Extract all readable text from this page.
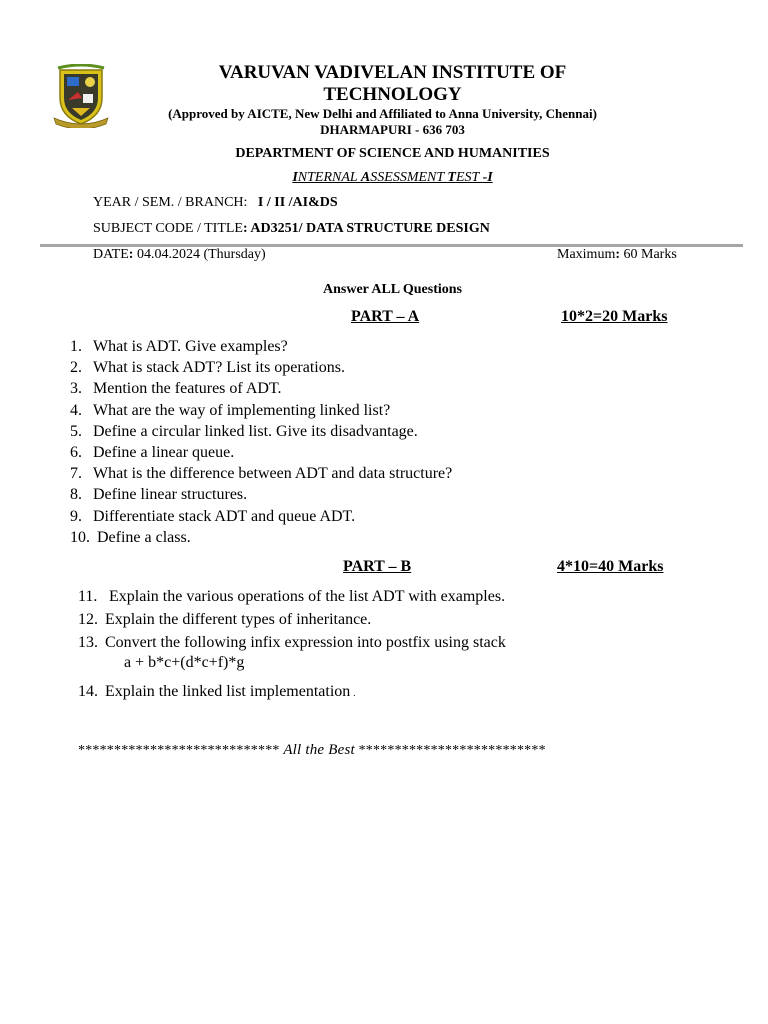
VARUVAN VADIVELAN INSTITUTE OF TECHNOLOGY
(Approved by AICTE, New Delhi and Affiliated to Anna University, Chennai)
DHARMAPURI - 636 703
DEPARTMENT OF SCIENCE AND HUMANITIES
INTERNAL ASSESSMENT TEST -I
YEAR / SEM. / BRANCH: I / II /AI&DS
SUBJECT CODE / TITLE: AD3251/ DATA STRUCTURE DESIGN
DATE: 04.04.2024 (Thursday)	Maximum: 60 Marks
Answer ALL Questions
PART – A	10*2=20 Marks
1. What is ADT. Give examples?
2. What is stack ADT? List its operations.
3. Mention the features of ADT.
4. What are the way of implementing linked list?
5. Define a circular linked list. Give its disadvantage.
6. Define a linear queue.
7. What is the difference between ADT and data structure?
8. Define linear structures.
9. Differentiate stack ADT and queue ADT.
10. Define a class.
PART – B	4*10=40 Marks
11. Explain the various operations of the list ADT with examples.
12. Explain the different types of inheritance.
13. Convert the following infix expression into postfix using stack
a + b*c+(d*c+f)*g
14. Explain the linked list implementation .
**************************** All the Best **************************
